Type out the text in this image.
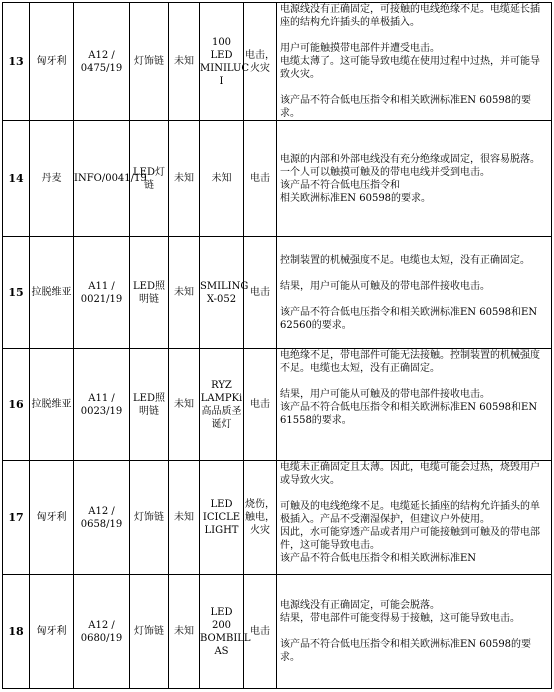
13	匈牙利	A12 / 0475/19	灯饰链	未知	100 LED MINILUC I	电击，火灾	电源线没有正确固定，可接触的电线绝缘不足。电缆延长插座的结构允许插头的单极插入。
用户可能触摸带电部件并遭受电击。
电缆太薄了。这可能导致电缆在使用过程中过热，并可能导致火灾。
该产品不符合低电压指令和相关欧洲标准EN 60598的要求。

14	丹麦	INFO/0041/19	LED灯链	未知	未知	电击	电源的内部和外部电线没有充分绝缘或固定，很容易脱落。
一个人可以触摸可触及的带电电线并受到电击。
该产品不符合低电压指令和
相关欧洲标准EN 60598的要求。

15	拉脱维亚	A11 / 0021/19	LED照明链	未知	SMILING X-052	电击	控制装置的机械强度不足。电缆也太短，没有正确固定。
结果，用户可能从可触及的带电部件接收电击。
该产品不符合低电压指令和相关欧洲标准EN 60598和EN 62560的要求。

16	拉脱维亚	A11 / 0023/19	LED照明链	未知	RYZ LAMPKi 高品质圣诞灯	电击	电绝缘不足，带电部件可能无法接触。控制装置的机械强度不足。电缆也太短，没有正确固定。
结果，用户可能从可触及的带电部件接收电击。
该产品不符合低电压指令和相关欧洲标准EN 60598和EN 61558的要求。

17	匈牙利	A12 / 0658/19	灯饰链	未知	LED ICICLE LIGHT	烧伤，触电，火灾	电缆未正确固定且太薄。因此，电缆可能会过热，烧毁用户或导致火灾。
可触及的电线绝缘不足。电缆延长插座的结构允许插头的单极插入。产品不受潮湿保护，但建议户外使用。
因此，水可能穿透产品或者用户可能接触到可触及的带电部件，这可能导致电击。
该产品不符合低电压指令和相关欧洲标准EN

18	匈牙利	A12 / 0680/19	灯饰链	未知	LED 200 BOMBILL AS	电击	电源线没有正确固定，可能会脱落。
结果，带电部件可能变得易于接触，这可能导致电击。
该产品不符合低电压指令和相关欧洲标准EN 60598的要求。
